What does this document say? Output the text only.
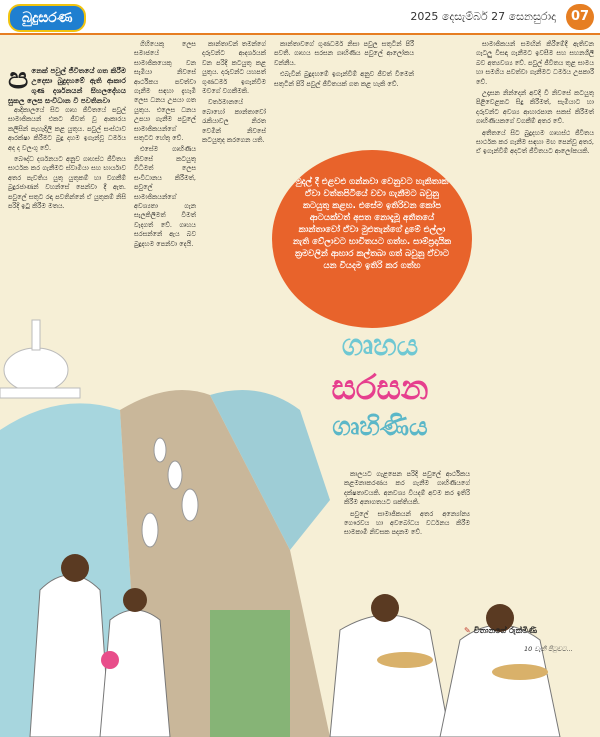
බුදුසරණ	2025 දෙසැම්බර් 27 සෙනසුරාදා	07
ප නෙක් පවුල් ජීවිතයේ ගත කිරීම උදෙසා බුදුදහමේ ඇති ආකාර ගුණ දර්ශනයන් සිහලදේහය සුකල ලෙස සංවිධාන වී පවතිනවා

ආදිකාලයේ සිට ගෘහ ජීවිතයේ පවුල් සාමාජිකයන් එකට ජීවත් වූ ආකාරය කලිසින් පැහැදිලි කළ යුතුය. පවුල් සංස්ථාව ආරක්ෂා කිරීමට බුදු දහම ඉගැන්වූ ධර්මය අද ද වලංගු වේ.

බෞද්ධ දර්ශනයට අනුව ගෘහස්ථ ජීවිතය සාර්ථක කර ගැනීමට ස්වාමියා සහ භාර්යාව අතර පැවතිය යුතු යුතුකම් හා වගකීම් බුදුරජාණන් වහන්සේ පෙන්වා දී ඇත. පවුලේ සතුට රඳා පවතින්නේ ඒ යුතුකම් නිසි පරිදි ඉටු කිරීම මතය.

ගිහියෙකු ලෙස සමාජයේ සාමාජිකයෙකු වන සැමියා නිවසේ ආර්ථිකය පවත්වා ගැනීම සඳහා දැහැමි ලෙස ධනය උපයා ගත යුතුය. එලෙස ධනය උපයා ගැනීම පවුලේ සාමාජිකයන්ගේ සතුටට හේතු වේ.

එසේම ගෘහිණිය නිවසේ කටයුතු විධිමත් ලෙස සංවිධානය කිරීමත්, පවුලේ සාමාජිකයන්ගේ අවශ්‍යතා ගැන සැලකිලිමත් වීමත් වැදගත් වේ. ගෘහය සරසන්නේ ඇය බව බුදුදහම පෙන්වා දෙයි.

කාන්තාවන් තමන්ගේ දරුවන්ට ආදර්ශයක් වන පරිදි කටයුතු කළ යුතුය. දරුවන්ට යහපත් ගුණධර්ම ඉගැන්වීම මවගේ වගකීමකි.

වර්තමානයේ බොහෝ කාන්තාවෝ රැකියාවල නිරත වෙමින් නිවසේ කටයුතුද කරගෙන යති.

කාන්තාවගේ ගුණධර්ම නිසා පවුල සතුටින් පිරී පවතී. ගෘහය සරසන ගෘහිණිය පවුලේ ආලෝකය වන්නීය.

එබැවින් බුදුදහමේ ඉගැන්වීම් අනුව ජීවත් වීමෙන් සතුටින් පිරි පවුල් ජීවිතයක් ගත කළ හැකි වේ.

සාමාජිකයන් සමඟින් කිරීමේදී ඇතිවන ගැටලු විසඳා ගැනීමට ඉවසීම සහ සහනශීලී බව අත්‍යවශ්‍ය වේ. පවුල් ජීවිතය තුළ සාමය හා සමගිය පවත්වා ගැනීමට ධර්මය උපකාරී වේ.

උදෑසන නින්දෙන් අවදි වී නිවසේ කටයුතු පිළිවෙළකට සිදු කිරීමත්, සැමියාට හා දරුවන්ට අවශ්‍ය ආහාරපාන සකස් කිරීමත් ගෘහිණියකගේ වගකීම් අතර වේ.

අතීතයේ සිට බුදුදහම ගෘහස්ථ ජීවිතය සාර්ථක කර ගැනීම සඳහා මඟ පෙන්වූ අතර, ඒ ඉගැන්වීම් අදටත් ජීවිතයට ආලෝකයකි.

කාලයට ගැළපෙන පරිදි පවුලේ ආර්ථිකය කළමනාකරණය කර ගැනීම ගෘහිණියගේ දක්ෂතාවයකි. අනවශ්‍ය වියදම් අවම කර ඉතිරි කිරීම අනාගතයට ශක්තියකි.

පවුලේ සාමාජිකයන් අතර අන්‍යෝන්‍ය ගෞරවය හා අවබෝධය වර්ධනය කිරීම සාමකාමී නිවසක පදනම වේ.

මුදල් දී එළවළු ගන්නවා වෙනුවට හැකිතාක් ඒවා වත්තපිටියේ වවා ගැනීමට බවුනු කටයුතු කළහ. එසේම ඉතිරිවන කෝප ආටයක්වත් අපත නොදැමූ අතීතයේ කාන්තාවෝ ඒවා මුළුතැන්ගේ දුමේ එල්ලා නැති වේලාවට භාවිතයට ගත්හ. සාම්ප්‍රදායික ක්‍රමවලින් ආහාර කල්තබා ගත් බවුනු ඒවාට යන වියදම ඉතිරි කර ගත්හ
ගෘහය
සරසන
ගෘහිණිය
✎ විතානගේ රුක්මිණී
10 වැනි පිටුවට...
